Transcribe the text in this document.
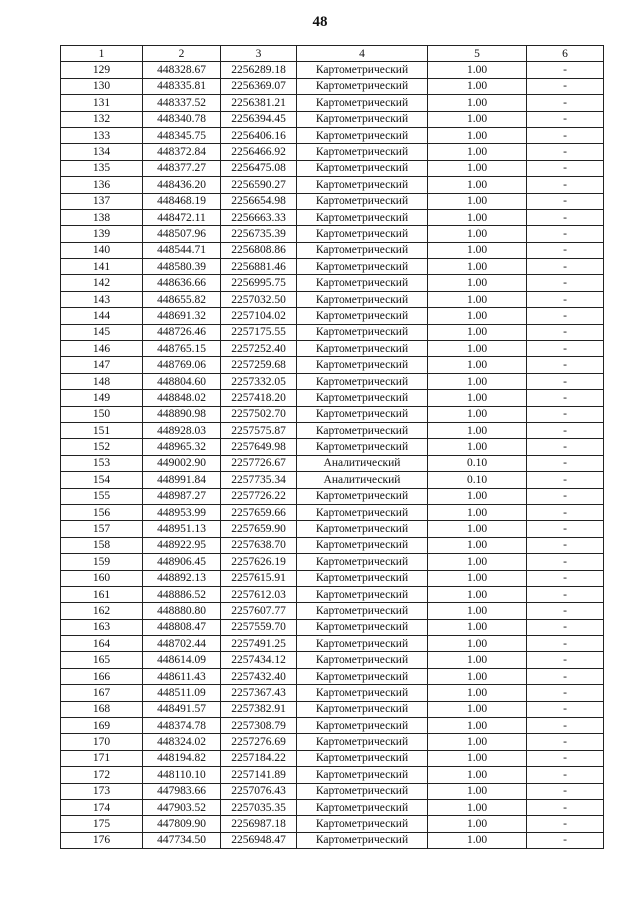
48
1	2	3	4	5	6
129	448328.67	2256289.18	Картометрический	1.00	-
130	448335.81	2256369.07	Картометрический	1.00	-
131	448337.52	2256381.21	Картометрический	1.00	-
132	448340.78	2256394.45	Картометрический	1.00	-
133	448345.75	2256406.16	Картометрический	1.00	-
134	448372.84	2256466.92	Картометрический	1.00	-
135	448377.27	2256475.08	Картометрический	1.00	-
136	448436.20	2256590.27	Картометрический	1.00	-
137	448468.19	2256654.98	Картометрический	1.00	-
138	448472.11	2256663.33	Картометрический	1.00	-
139	448507.96	2256735.39	Картометрический	1.00	-
140	448544.71	2256808.86	Картометрический	1.00	-
141	448580.39	2256881.46	Картометрический	1.00	-
142	448636.66	2256995.75	Картометрический	1.00	-
143	448655.82	2257032.50	Картометрический	1.00	-
144	448691.32	2257104.02	Картометрический	1.00	-
145	448726.46	2257175.55	Картометрический	1.00	-
146	448765.15	2257252.40	Картометрический	1.00	-
147	448769.06	2257259.68	Картометрический	1.00	-
148	448804.60	2257332.05	Картометрический	1.00	-
149	448848.02	2257418.20	Картометрический	1.00	-
150	448890.98	2257502.70	Картометрический	1.00	-
151	448928.03	2257575.87	Картометрический	1.00	-
152	448965.32	2257649.98	Картометрический	1.00	-
153	449002.90	2257726.67	Аналитический	0.10	-
154	448991.84	2257735.34	Аналитический	0.10	-
155	448987.27	2257726.22	Картометрический	1.00	-
156	448953.99	2257659.66	Картометрический	1.00	-
157	448951.13	2257659.90	Картометрический	1.00	-
158	448922.95	2257638.70	Картометрический	1.00	-
159	448906.45	2257626.19	Картометрический	1.00	-
160	448892.13	2257615.91	Картометрический	1.00	-
161	448886.52	2257612.03	Картометрический	1.00	-
162	448880.80	2257607.77	Картометрический	1.00	-
163	448808.47	2257559.70	Картометрический	1.00	-
164	448702.44	2257491.25	Картометрический	1.00	-
165	448614.09	2257434.12	Картометрический	1.00	-
166	448611.43	2257432.40	Картометрический	1.00	-
167	448511.09	2257367.43	Картометрический	1.00	-
168	448491.57	2257382.91	Картометрический	1.00	-
169	448374.78	2257308.79	Картометрический	1.00	-
170	448324.02	2257276.69	Картометрический	1.00	-
171	448194.82	2257184.22	Картометрический	1.00	-
172	448110.10	2257141.89	Картометрический	1.00	-
173	447983.66	2257076.43	Картометрический	1.00	-
174	447903.52	2257035.35	Картометрический	1.00	-
175	447809.90	2256987.18	Картометрический	1.00	-
176	447734.50	2256948.47	Картометрический	1.00	-
